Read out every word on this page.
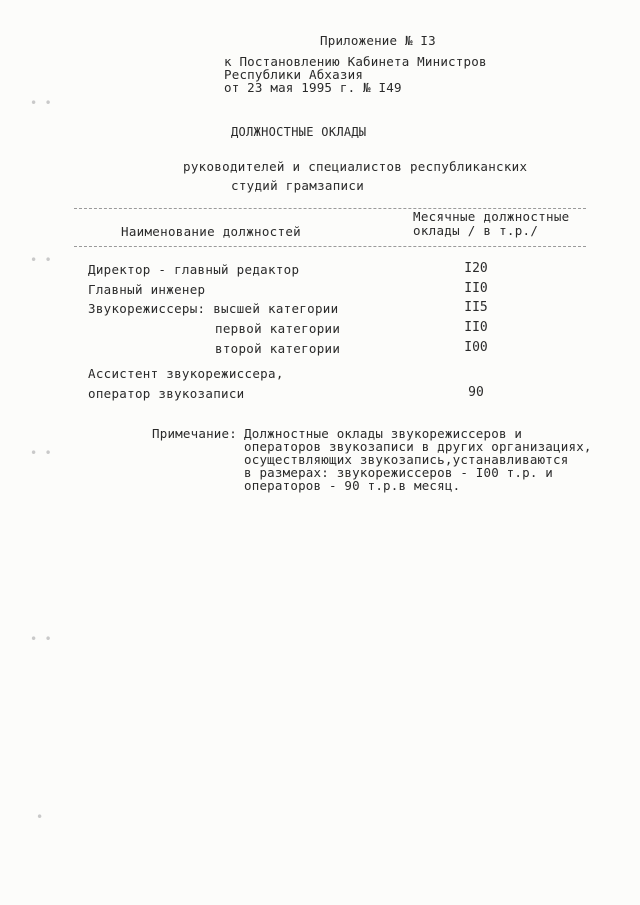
• •
• •
• •
• •
•
Приложение № I3
к Постановлению Кабинета Министров
Республики Абхазия
от 23 мая 1995 г. № I49
ДОЛЖНОСТНЫЕ ОКЛАДЫ
руководителей и специалистов республиканских
студий грамзаписи
Наименование должностей
Месячные должностные
оклады / в т.р./
Директор - главный редактор	I20
Главный инженер	II0
Звукорежиссеры: высшей категории	II5
первой категории	II0
второй категории	I00
Ассистент звукорежиссера,
оператор звукозаписи	90
Примечание: Должностные оклады звукорежиссеров и
операторов звукозаписи в других организациях,
осуществляющих звукозапись,устанавливаются
в размерах: звукорежиссеров - I00 т.р. и
операторов - 90 т.р.в месяц.
